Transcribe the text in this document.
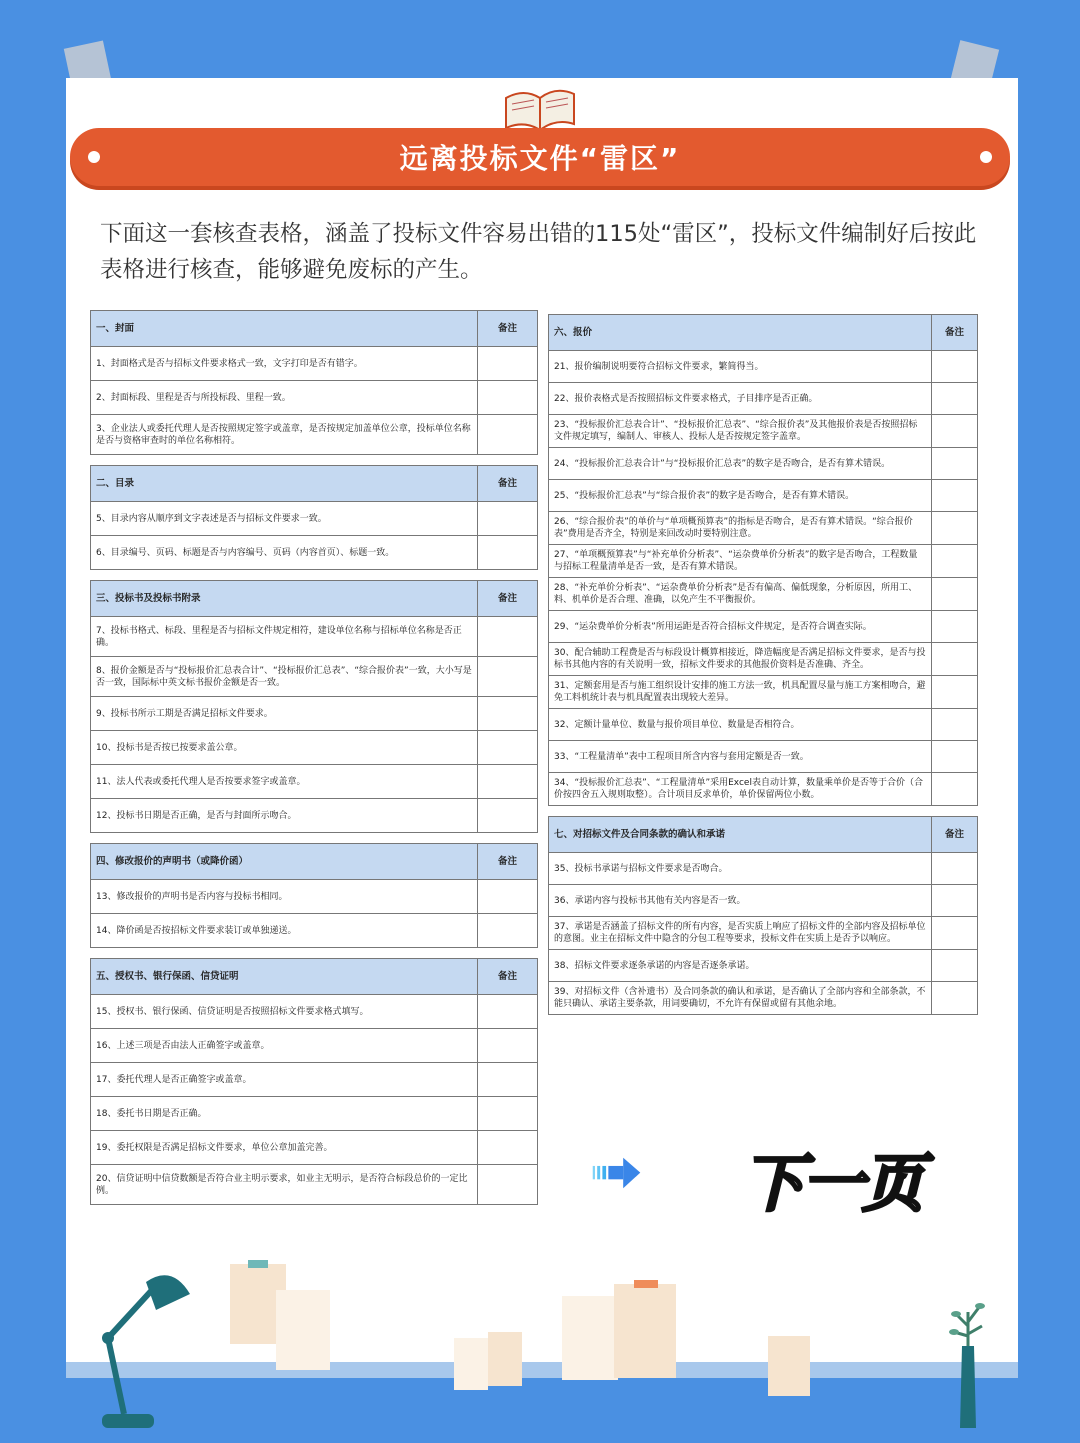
远离投标文件“雷区”

下面这一套核查表格，涵盖了投标文件容易出错的115处“雷区”，投标文件编制好后按此表格进行核查，能够避免废标的产生。

一、封面	备注
1、封面格式是否与招标文件要求格式一致，文字打印是否有错字。	
2、封面标段、里程是否与所投标段、里程一致。	
3、企业法人或委托代理人是否按照规定签字或盖章，是否按规定加盖单位公章，投标单位名称是否与资格审查时的单位名称相符。	
二、目录	备注
5、目录内容从顺序到文字表述是否与招标文件要求一致。	
6、目录编号、页码、标题是否与内容编号、页码（内容首页）、标题一致。	
三、投标书及投标书附录	备注
7、投标书格式、标段、里程是否与招标文件规定相符，建设单位名称与招标单位名称是否正确。	
8、报价金额是否与“投标报价汇总表合计”、“投标报价汇总表”、“综合报价表”一致，大小写是否一致，国际标中英文标书报价金额是否一致。	
9、投标书所示工期是否满足招标文件要求。	
10、投标书是否按已按要求盖公章。	
11、法人代表或委托代理人是否按要求签字或盖章。	
12、投标书日期是否正确，是否与封面所示吻合。	
四、修改报价的声明书（或降价函）	备注
13、修改报价的声明书是否内容与投标书相同。	
14、降价函是否按招标文件要求装订或单独递送。	
五、授权书、银行保函、信贷证明	备注
15、授权书、银行保函、信贷证明是否按照招标文件要求格式填写。	
16、上述三项是否由法人正确签字或盖章。	
17、委托代理人是否正确签字或盖章。	
18、委托书日期是否正确。	
19、委托权限是否满足招标文件要求，单位公章加盖完善。	
20、信贷证明中信贷数额是否符合业主明示要求，如业主无明示，是否符合标段总价的一定比例。	
六、报价	备注
21、报价编制说明要符合招标文件要求，繁简得当。	
22、报价表格式是否按照招标文件要求格式，子目排序是否正确。	
23、“投标报价汇总表合计”、“投标报价汇总表”、“综合报价表”及其他报价表是否按照招标文件规定填写，编制人、审核人、投标人是否按规定签字盖章。	
24、“投标报价汇总表合计”与“投标报价汇总表”的数字是否吻合，是否有算术错误。	
25、“投标报价汇总表”与“综合报价表”的数字是否吻合，是否有算术错误。	
26、“综合报价表”的单价与“单项概预算表”的指标是否吻合，是否有算术错误。“综合报价表”费用是否齐全，特别是来回改动时要特别注意。	
27、“单项概预算表”与“补充单价分析表”、“运杂费单价分析表”的数字是否吻合，工程数量与招标工程量清单是否一致，是否有算术错误。	
28、“补充单价分析表”、“运杂费单价分析表”是否有偏高、偏低现象，分析原因，所用工、料、机单价是否合理、准确，以免产生不平衡报价。	
29、“运杂费单价分析表”所用运距是否符合招标文件规定，是否符合调查实际。	
30、配合辅助工程费是否与标段设计概算相接近，降造幅度是否满足招标文件要求，是否与投标书其他内容的有关说明一致，招标文件要求的其他报价资料是否准确、齐全。	
31、定额套用是否与施工组织设计安排的施工方法一致，机具配置尽量与施工方案相吻合，避免工料机统计表与机具配置表出现较大差异。	
32、定额计量单位、数量与报价项目单位、数量是否相符合。	
33、“工程量清单”表中工程项目所含内容与套用定额是否一致。	
34、“投标报价汇总表”、“工程量清单”采用Excel表自动计算，数量乘单价是否等于合价（合价按四舍五入规则取整）。合计项目反求单价，单价保留两位小数。	
七、对招标文件及合同条款的确认和承诺	备注
35、投标书承诺与招标文件要求是否吻合。	
36、承诺内容与投标书其他有关内容是否一致。	
37、承诺是否涵盖了招标文件的所有内容，是否实质上响应了招标文件的全部内容及招标单位的意图。业主在招标文件中隐含的分包工程等要求，投标文件在实质上是否予以响应。	
38、招标文件要求逐条承诺的内容是否逐条承诺。	
39、对招标文件（含补遗书）及合同条款的确认和承诺，是否确认了全部内容和全部条款，不能只确认、承诺主要条款，用词要确切，不允许有保留或留有其他余地。	
下一页
